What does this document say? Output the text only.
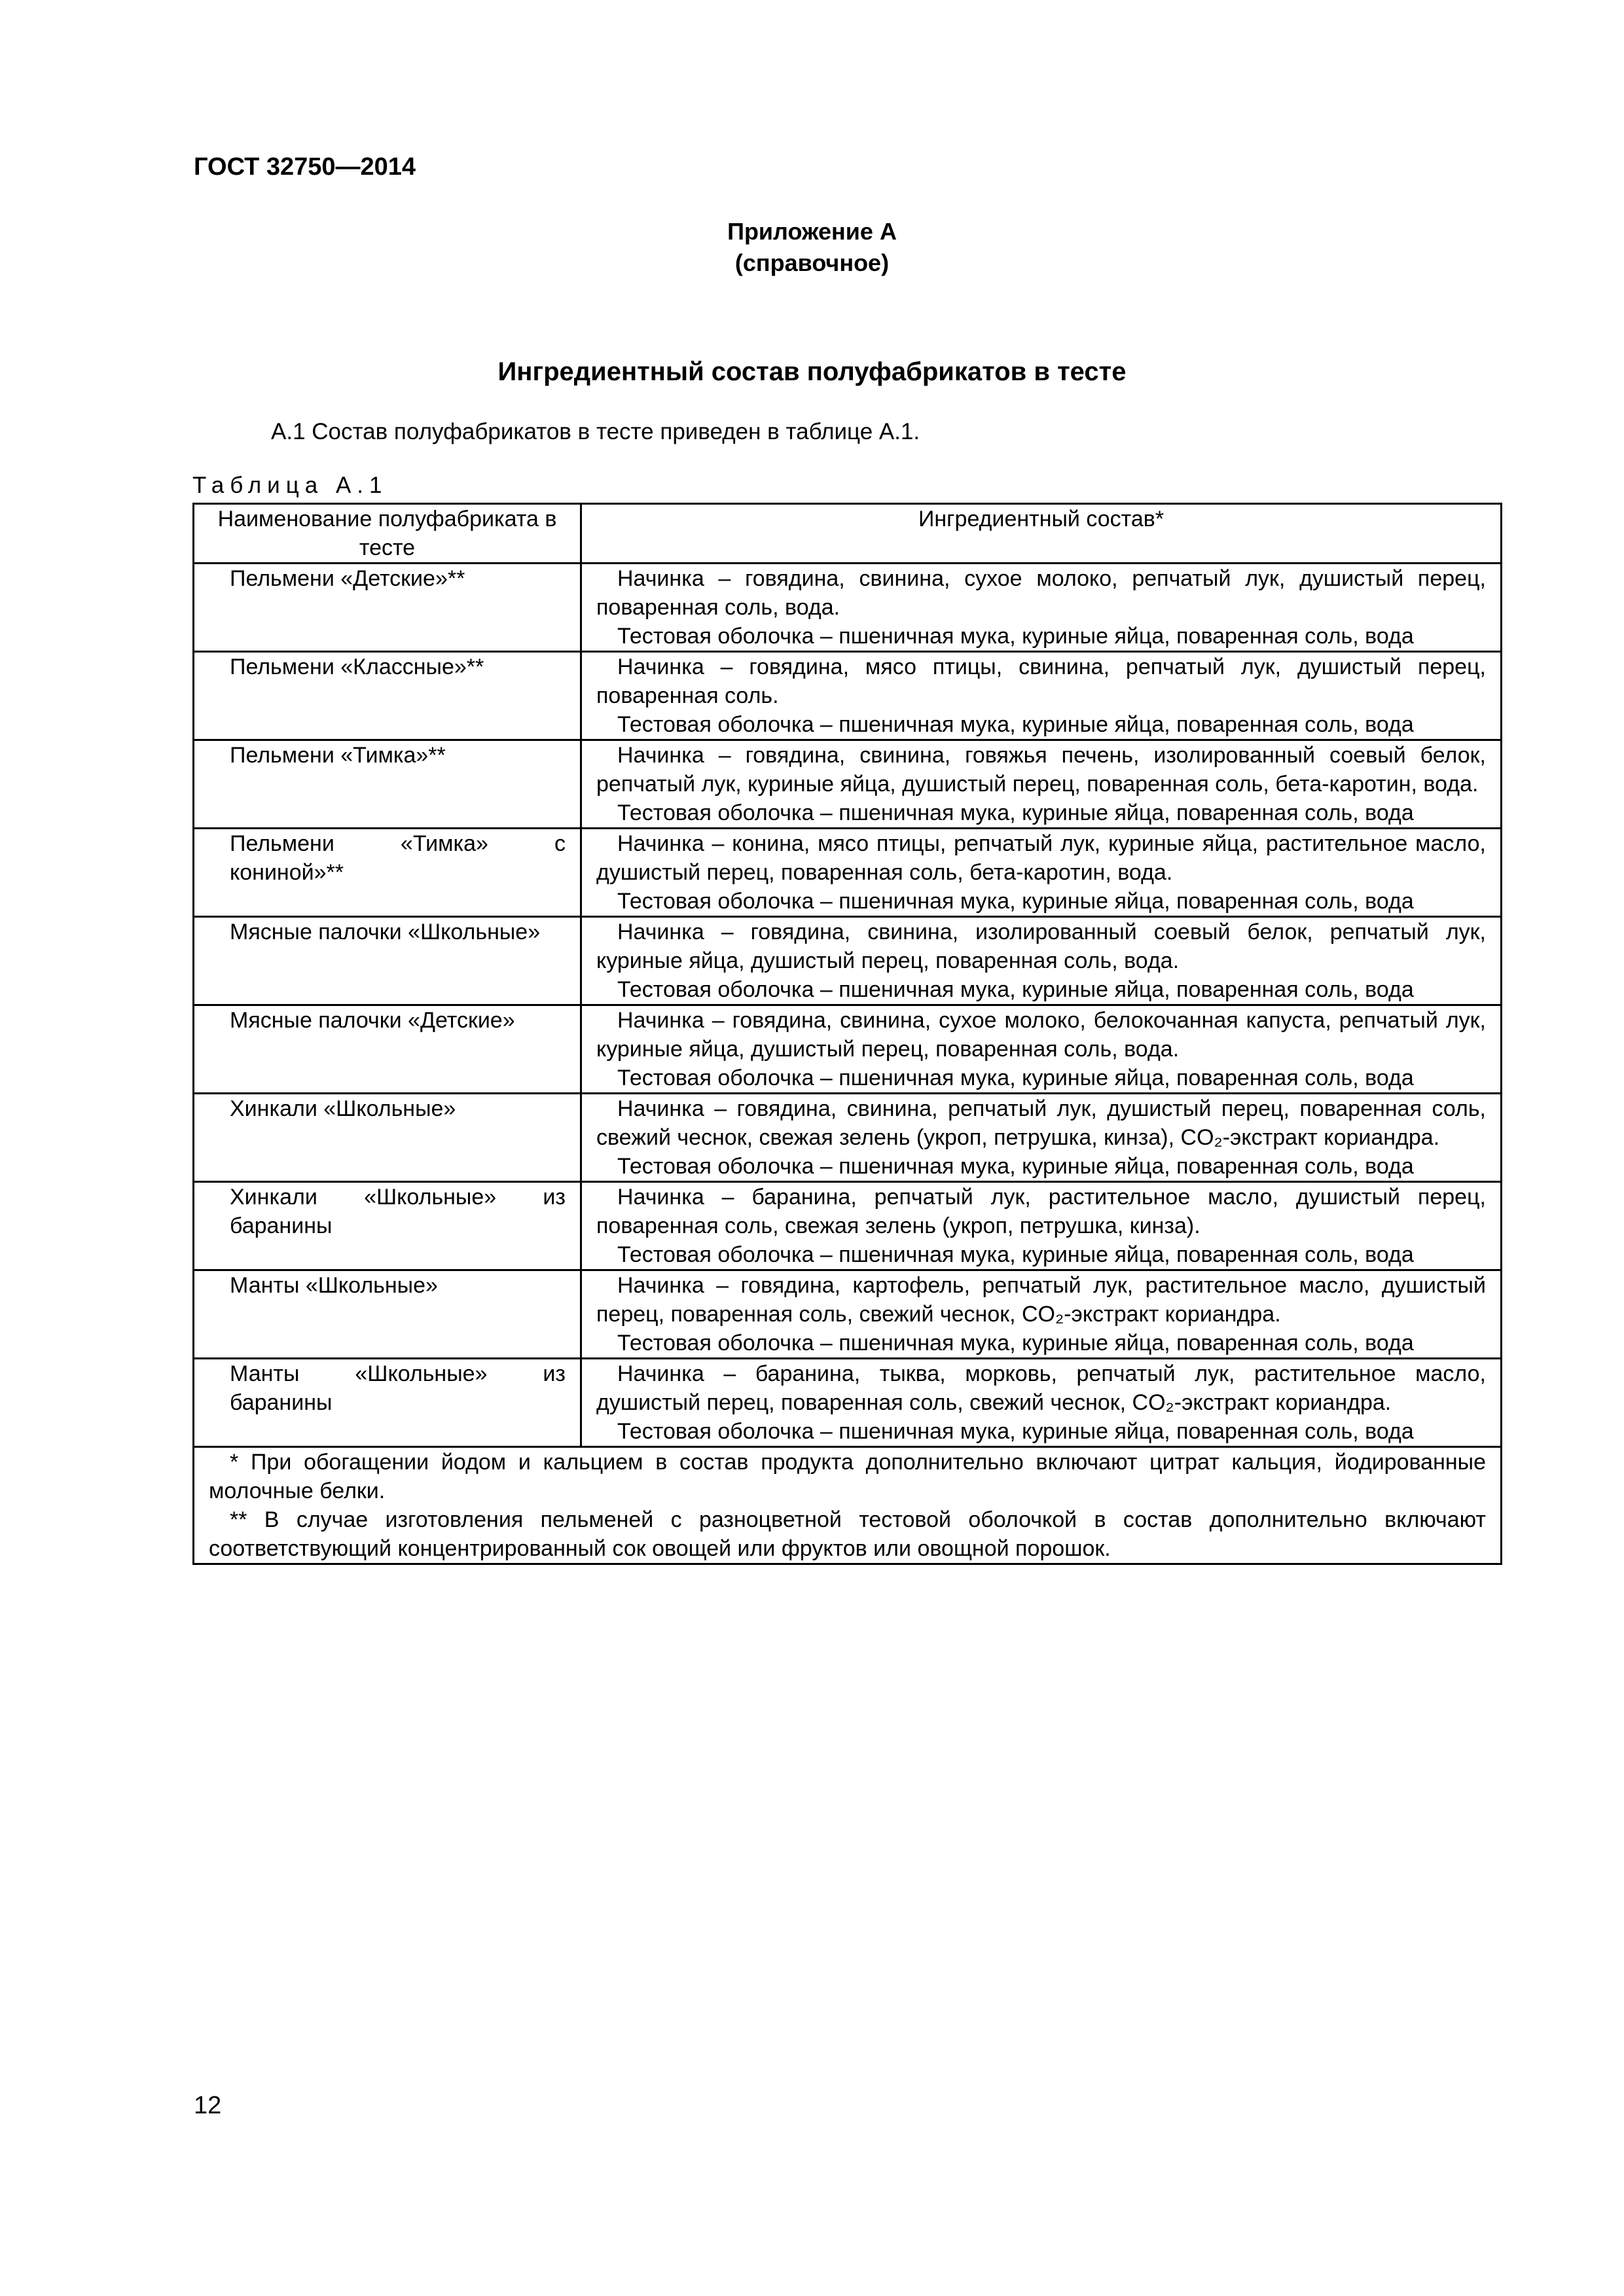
ГОСТ 32750—2014
Приложение А
(справочное)
Ингредиентный состав полуфабрикатов в тесте
А.1 Состав полуфабрикатов в тесте приведен в таблице А.1.
Таблица А.1
Наименование полуфабриката в тесте	Ингредиентный состав*
Пельмени «Детские»**	Начинка – говядина, свинина, сухое молоко, репчатый лук, душистый перец, поваренная соль, вода.

Тестовая оболочка – пшеничная мука, куриные яйца, поваренная соль, вода

Пельмени «Классные»**	Начинка – говядина, мясо птицы, свинина, репчатый лук, душистый перец, поваренная соль.

Тестовая оболочка – пшеничная мука, куриные яйца, поваренная соль, вода

Пельмени «Тимка»**	Начинка – говядина, свинина, говяжья печень, изолированный соевый белок, репчатый лук, куриные яйца, душистый перец, поваренная соль, бета-каротин, вода.

Тестовая оболочка – пшеничная мука, куриные яйца, поваренная соль, вода

Пельмени «Тимка» с кониной»**	Начинка – конина, мясо птицы, репчатый лук, куриные яйца, растительное масло, душистый перец, поваренная соль, бета-каротин, вода.

Тестовая оболочка – пшеничная мука, куриные яйца, поваренная соль, вода

Мясные палочки «Школьные»	Начинка – говядина, свинина, изолированный соевый белок, репчатый лук, куриные яйца, душистый перец, поваренная соль, вода.

Тестовая оболочка – пшеничная мука, куриные яйца, поваренная соль, вода

Мясные палочки «Детские»	Начинка – говядина, свинина, сухое молоко, белокочанная капуста, репчатый лук, куриные яйца, душистый перец, поваренная соль, вода.

Тестовая оболочка – пшеничная мука, куриные яйца, поваренная соль, вода

Хинкали «Школьные»	Начинка – говядина, свинина, репчатый лук, душистый перец, поваренная соль, свежий чеснок, свежая зелень (укроп, петрушка, кинза), CO₂-экстракт кориандра.

Тестовая оболочка – пшеничная мука, куриные яйца, поваренная соль, вода

Хинкали «Школьные» из баранины	Начинка – баранина, репчатый лук, растительное масло, душистый перец, поваренная соль, свежая зелень (укроп, петрушка, кинза).

Тестовая оболочка – пшеничная мука, куриные яйца, поваренная соль, вода

Манты «Школьные»	Начинка – говядина, картофель, репчатый лук, растительное масло, душистый перец, поваренная соль, свежий чеснок, CO₂-экстракт кориандра.

Тестовая оболочка – пшеничная мука, куриные яйца, поваренная соль, вода

Манты «Школьные» из баранины	Начинка – баранина, тыква, морковь, репчатый лук, растительное масло, душистый перец, поваренная соль, свежий чеснок, CO₂-экстракт кориандра.

Тестовая оболочка – пшеничная мука, куриные яйца, поваренная соль, вода

* При обогащении йодом и кальцием в состав продукта дополнительно включают цитрат кальция, йодированные молочные белки.

** В случае изготовления пельменей с разноцветной тестовой оболочкой в состав дополнительно включают соответствующий концентрированный сок овощей или фруктов или овощной порошок.	

12
